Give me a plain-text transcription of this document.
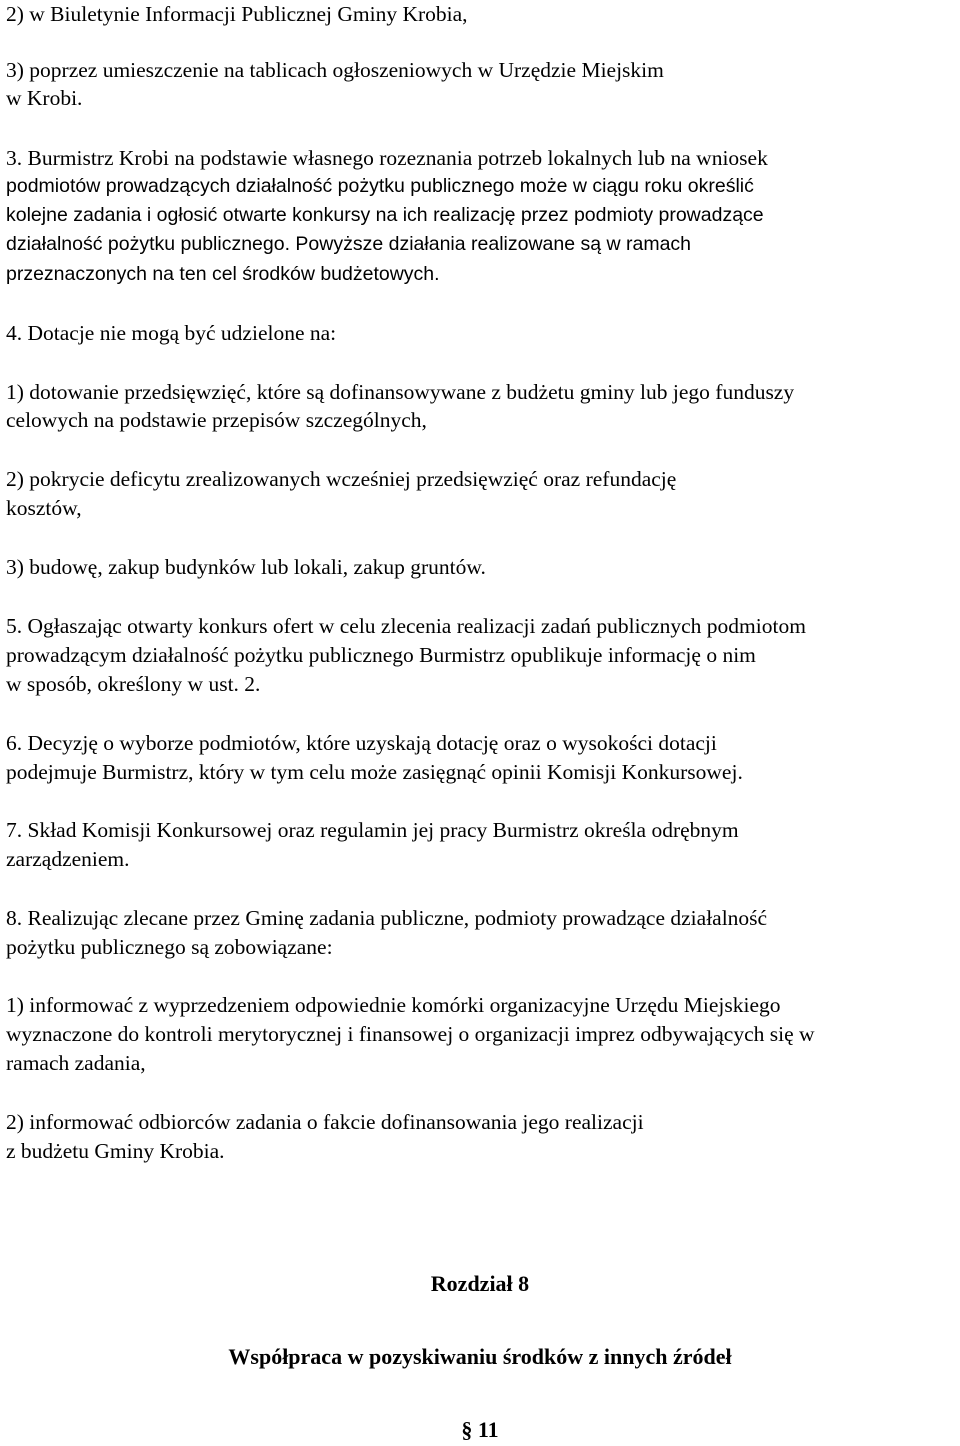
2) w Biuletynie Informacji Publicznej Gminy Krobia,
3) poprzez umieszczenie na tablicach ogłoszeniowych w Urzędzie Miejskim
w Krobi.
3. Burmistrz Krobi na podstawie własnego rozeznania potrzeb lokalnych lub na wniosek
podmiotów prowadzących działalność pożytku publicznego może w ciągu roku określić
kolejne zadania i ogłosić otwarte konkursy na ich realizację przez podmioty prowadzące
działalność pożytku publicznego. Powyższe działania realizowane są w ramach
przeznaczonych na ten cel środków budżetowych.
4. Dotacje nie mogą być udzielone na:
1) dotowanie przedsięwzięć, które są dofinansowywane z budżetu gminy lub jego funduszy
celowych na podstawie przepisów szczególnych,
2) pokrycie deficytu zrealizowanych wcześniej przedsięwzięć oraz refundację
kosztów,
3) budowę, zakup budynków lub lokali, zakup gruntów.
5. Ogłaszając otwarty konkurs ofert w celu zlecenia realizacji zadań publicznych podmiotom
prowadzącym działalność pożytku publicznego Burmistrz opublikuje informację o nim
w sposób, określony w ust. 2.
6. Decyzję o wyborze podmiotów, które uzyskają dotację oraz o wysokości dotacji
podejmuje Burmistrz, który w tym celu może zasięgnąć opinii Komisji Konkursowej.
7. Skład Komisji Konkursowej oraz regulamin jej pracy Burmistrz określa odrębnym
zarządzeniem.
8. Realizując zlecane przez Gminę zadania publiczne, podmioty prowadzące działalność
pożytku publicznego są zobowiązane:
1) informować z wyprzedzeniem odpowiednie komórki organizacyjne Urzędu Miejskiego
wyznaczone do kontroli merytorycznej i finansowej o organizacji imprez odbywających się w
ramach zadania,
2) informować odbiorców zadania o fakcie dofinansowania jego realizacji
z budżetu Gminy Krobia.
Rozdział 8
Współpraca w pozyskiwaniu środków z innych źródeł
§ 11
